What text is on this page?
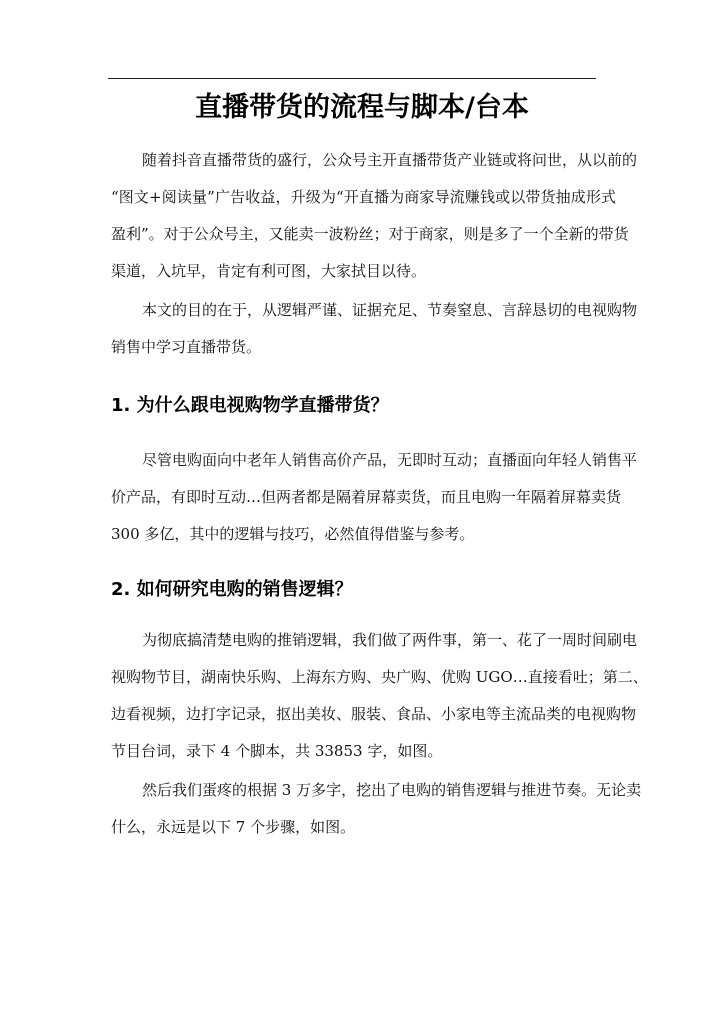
直播带货的流程与脚本/台本
随着抖音直播带货的盛行，公众号主开直播带货产业链或将问世，从以前的
“图文+阅读量”广告收益，升级为“开直播为商家导流赚钱或以带货抽成形式
盈利”。对于公众号主，又能卖一波粉丝；对于商家，则是多了一个全新的带货
渠道，入坑早，肯定有利可图，大家拭目以待。
本文的目的在于，从逻辑严谨、证据充足、节奏窒息、言辞恳切的电视购物
销售中学习直播带货。
1. 为什么跟电视购物学直播带货？
尽管电购面向中老年人销售高价产品，无即时互动；直播面向年轻人销售平
价产品，有即时互动…但两者都是隔着屏幕卖货，而且电购一年隔着屏幕卖货
300 多亿，其中的逻辑与技巧，必然值得借鉴与参考。
2. 如何研究电购的销售逻辑？
为彻底搞清楚电购的推销逻辑，我们做了两件事，第一、花了一周时间刷电
视购物节目，湖南快乐购、上海东方购、央广购、优购 UGO…直接看吐；第二、
边看视频，边打字记录，抠出美妆、服装、食品、小家电等主流品类的电视购物
节目台词，录下 4 个脚本，共 33853 字，如图。
然后我们蛋疼的根据 3 万多字，挖出了电购的销售逻辑与推进节奏。无论卖
什么，永远是以下 7 个步骤，如图。
